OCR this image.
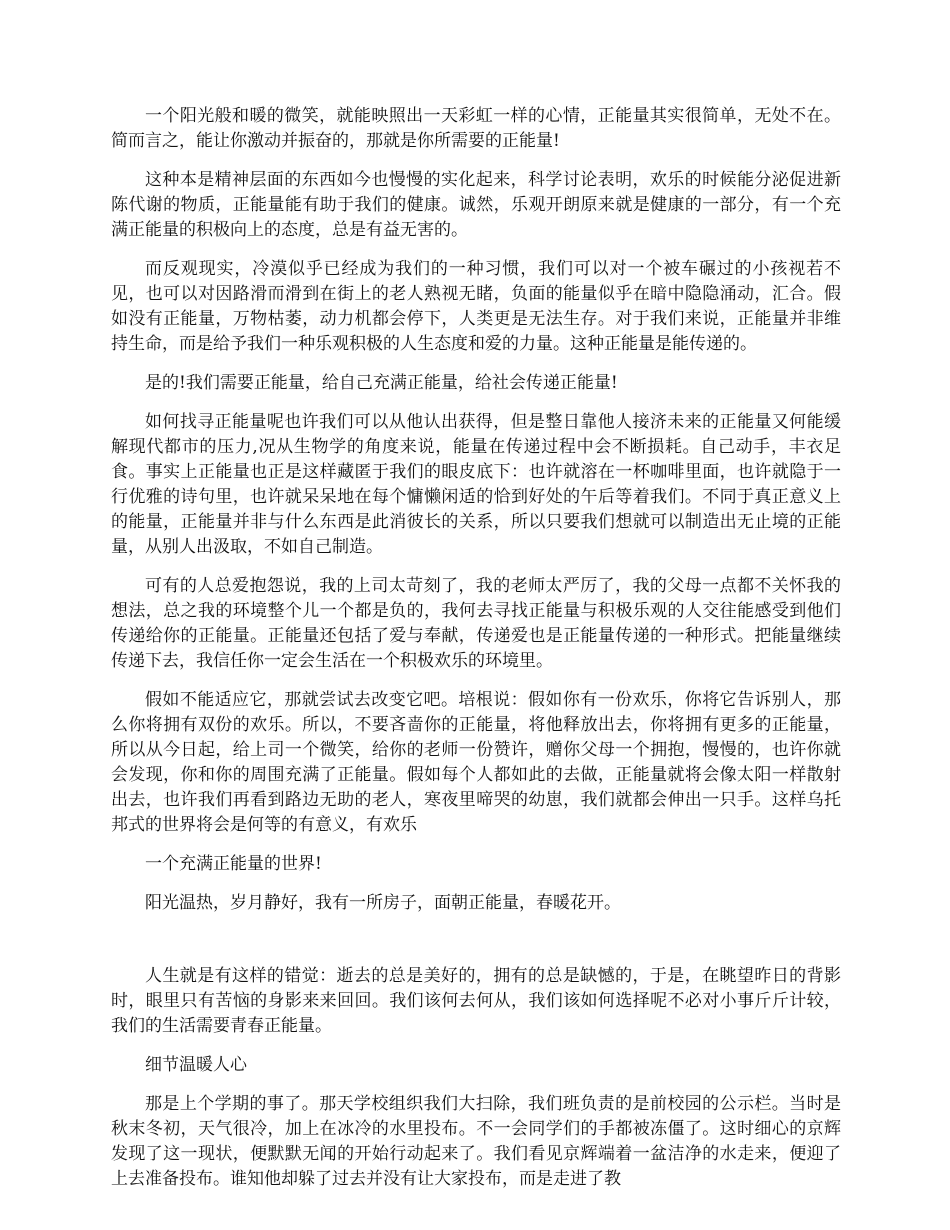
一个阳光般和暖的微笑，就能映照出一天彩虹一样的心情，正能量其实很简单，无处不在。简而言之，能让你激动并振奋的，那就是你所需要的正能量!

这种本是精神层面的东西如今也慢慢的实化起来，科学讨论表明，欢乐的时候能分泌促进新陈代谢的物质，正能量能有助于我们的健康。诚然，乐观开朗原来就是健康的一部分，有一个充满正能量的积极向上的态度，总是有益无害的。

而反观现实，冷漠似乎已经成为我们的一种习惯，我们可以对一个被车碾过的小孩视若不见，也可以对因路滑而滑到在街上的老人熟视无睹，负面的能量似乎在暗中隐隐涌动，汇合。假如没有正能量，万物枯萎，动力机都会停下，人类更是无法生存。对于我们来说，正能量并非维持生命，而是给予我们一种乐观积极的人生态度和爱的力量。这种正能量是能传递的。

是的!我们需要正能量，给自己充满正能量，给社会传递正能量!

如何找寻正能量呢也许我们可以从他认出获得，但是整日靠他人接济未来的正能量又何能缓解现代都市的压力,况从生物学的角度来说，能量在传递过程中会不断损耗。自己动手，丰衣足食。事实上正能量也正是这样藏匿于我们的眼皮底下：也许就溶在一杯咖啡里面，也许就隐于一行优雅的诗句里，也许就呆呆地在每个慵懒闲适的恰到好处的午后等着我们。不同于真正意义上的能量，正能量并非与什么东西是此消彼长的关系，所以只要我们想就可以制造出无止境的正能量，从别人出汲取，不如自己制造。

可有的人总爱抱怨说，我的上司太苛刻了，我的老师太严厉了，我的父母一点都不关怀我的想法，总之我的环境整个儿一个都是负的，我何去寻找正能量与积极乐观的人交往能感受到他们传递给你的正能量。正能量还包括了爱与奉献，传递爱也是正能量传递的一种形式。把能量继续传递下去，我信任你一定会生活在一个积极欢乐的环境里。

假如不能适应它，那就尝试去改变它吧。培根说：假如你有一份欢乐，你将它告诉别人，那么你将拥有双份的欢乐。所以，不要吝啬你的正能量，将他释放出去，你将拥有更多的正能量，所以从今日起，给上司一个微笑，给你的老师一份赞许，赠你父母一个拥抱，慢慢的，也许你就会发现，你和你的周围充满了正能量。假如每个人都如此的去做，正能量就将会像太阳一样散射出去，也许我们再看到路边无助的老人，寒夜里啼哭的幼崽，我们就都会伸出一只手。这样乌托邦式的世界将会是何等的有意义，有欢乐

一个充满正能量的世界!

阳光温热，岁月静好，我有一所房子，面朝正能量，春暖花开。

人生就是有这样的错觉：逝去的总是美好的，拥有的总是缺憾的，于是，在眺望昨日的背影时，眼里只有苦恼的身影来来回回。我们该何去何从，我们该如何选择呢不必对小事斤斤计较，我们的生活需要青春正能量。

细节温暖人心

那是上个学期的事了。那天学校组织我们大扫除，我们班负责的是前校园的公示栏。当时是秋末冬初，天气很冷，加上在冰冷的水里投布。不一会同学们的手都被冻僵了。这时细心的京辉发现了这一现状，便默默无闻的开始行动起来了。我们看见京辉端着一盆洁净的水走来，便迎了上去准备投布。谁知他却躲了过去并没有让大家投布，而是走进了教
